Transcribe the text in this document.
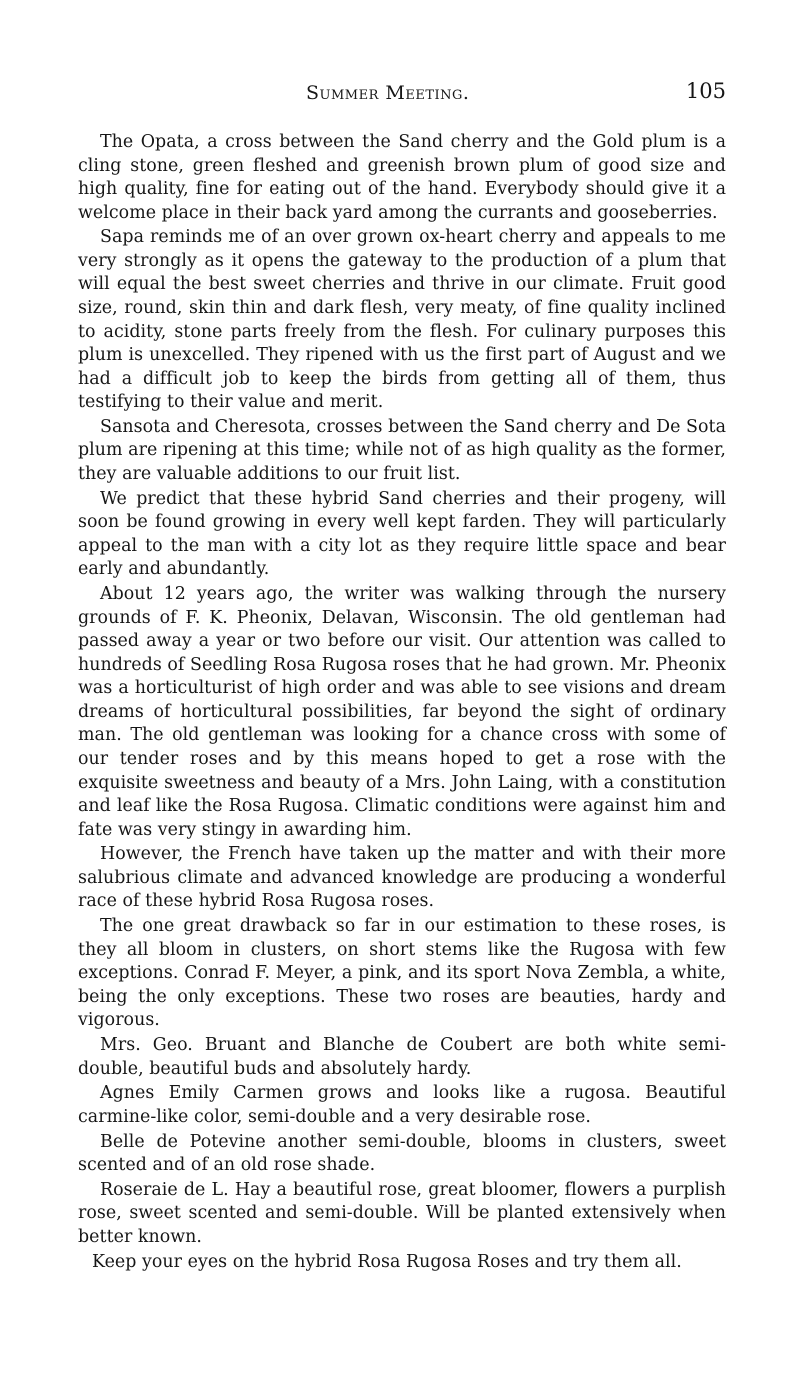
Summer Meeting.	105

The Opata, a cross between the Sand cherry and the Gold plum is a cling stone, green fleshed and greenish brown plum of good size and high quality, fine for eating out of the hand. Everybody should give it a welcome place in their back yard among the currants and gooseberries.

Sapa reminds me of an over grown ox-heart cherry and appeals to me very strongly as it opens the gateway to the production of a plum that will equal the best sweet cherries and thrive in our climate. Fruit good size, round, skin thin and dark flesh, very meaty, of fine quality inclined to acidity, stone parts freely from the flesh. For culinary purposes this plum is unexcelled. They ripened with us the first part of August and we had a difficult job to keep the birds from getting all of them, thus testifying to their value and merit.

Sansota and Cheresota, crosses between the Sand cherry and De Sota plum are ripening at this time; while not of as high quality as the former, they are valuable additions to our fruit list.

We predict that these hybrid Sand cherries and their progeny, will soon be found growing in every well kept farden. They will particularly appeal to the man with a city lot as they require little space and bear early and abundantly.

About 12 years ago, the writer was walking through the nursery grounds of F. K. Pheonix, Delavan, Wisconsin. The old gentleman had passed away a year or two before our visit. Our attention was called to hundreds of Seedling Rosa Rugosa roses that he had grown. Mr. Pheonix was a horticulturist of high order and was able to see visions and dream dreams of horticultural possibilities, far beyond the sight of ordinary man. The old gentleman was looking for a chance cross with some of our tender roses and by this means hoped to get a rose with the exquisite sweetness and beauty of a Mrs. John Laing, with a constitution and leaf like the Rosa Rugosa. Climatic conditions were against him and fate was very stingy in awarding him.

However, the French have taken up the matter and with their more salubrious climate and advanced knowledge are producing a wonderful race of these hybrid Rosa Rugosa roses.

The one great drawback so far in our estimation to these roses, is they all bloom in clusters, on short stems like the Rugosa with few exceptions. Conrad F. Meyer, a pink, and its sport Nova Zembla, a white, being the only exceptions. These two roses are beauties, hardy and vigorous.

Mrs. Geo. Bruant and Blanche de Coubert are both white semi-double, beautiful buds and absolutely hardy.

Agnes Emily Carmen grows and looks like a rugosa. Beautiful carmine-like color, semi-double and a very desirable rose.

Belle de Potevine another semi-double, blooms in clusters, sweet scented and of an old rose shade.

Roseraie de L. Hay a beautiful rose, great bloomer, flowers a purplish rose, sweet scented and semi-double. Will be planted extensively when better known.

Keep your eyes on the hybrid Rosa Rugosa Roses and try them all.
